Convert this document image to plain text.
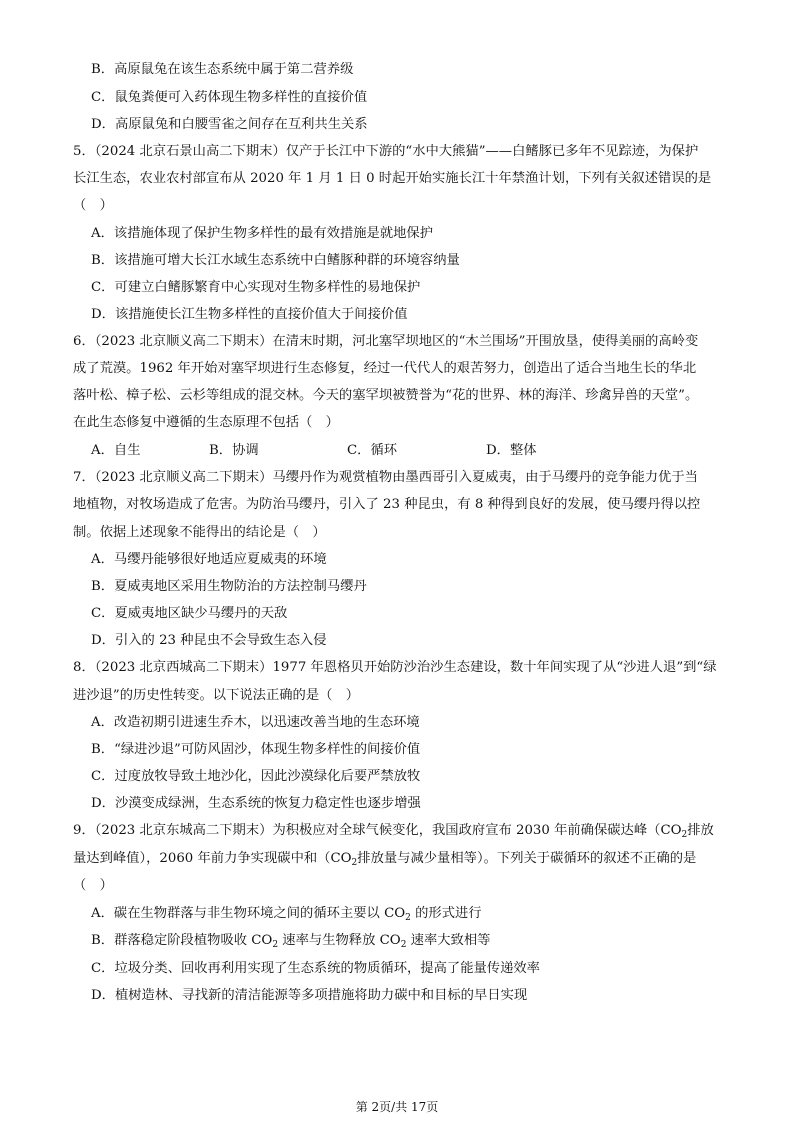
B．高原鼠兔在该生态系统中属于第二营养级
C．鼠兔粪便可入药体现生物多样性的直接价值
D．高原鼠兔和白腰雪雀之间存在互利共生关系
5．（2024 北京石景山高二下期末）仅产于长江中下游的“水中大熊猫”——白鳍豚已多年不见踪迹，为保护
长江生态，农业农村部宣布从 2020 年 1 月 1 日 0 时起开始实施长江十年禁渔计划，下列有关叙述错误的是
（　）
A．该措施体现了保护生物多样性的最有效措施是就地保护
B．该措施可增大长江水域生态系统中白鳍豚种群的环境容纳量
C．可建立白鳍豚繁育中心实现对生物多样性的易地保护
D．该措施使长江生物多样性的直接价值大于间接价值
6．（2023 北京顺义高二下期末）在清末时期，河北塞罕坝地区的“木兰围场”开围放垦，使得美丽的高岭变
成了荒漠。1962 年开始对塞罕坝进行生态修复，经过一代代人的艰苦努力，创造出了适合当地生长的华北
落叶松、樟子松、云杉等组成的混交林。今天的塞罕坝被赞誉为“花的世界、林的海洋、珍禽异兽的天堂”。
在此生态修复中遵循的生态原理不包括（　）
A．自生	B．协调	C．循环	D．整体
7．（2023 北京顺义高二下期末）马缨丹作为观赏植物由墨西哥引入夏威夷，由于马缨丹的竞争能力优于当
地植物，对牧场造成了危害。为防治马缨丹，引入了 23 种昆虫，有 8 种得到良好的发展，使马缨丹得以控
制。依据上述现象不能得出的结论是（　）
A．马缨丹能够很好地适应夏威夷的环境
B．夏威夷地区采用生物防治的方法控制马缨丹
C．夏威夷地区缺少马缨丹的天敌
D．引入的 23 种昆虫不会导致生态入侵
8．（2023 北京西城高二下期末）1977 年恩格贝开始防沙治沙生态建设，数十年间实现了从“沙进人退”到“绿
进沙退”的历史性转变。以下说法正确的是（　）
A．改造初期引进速生乔木，以迅速改善当地的生态环境
B．“绿进沙退”可防风固沙，体现生物多样性的间接价值
C．过度放牧导致土地沙化，因此沙漠绿化后要严禁放牧
D．沙漠变成绿洲，生态系统的恢复力稳定性也逐步增强
9．（2023 北京东城高二下期末）为积极应对全球气候变化，我国政府宣布 2030 年前确保碳达峰（$CO_2$排放
量达到峰值），2060 年前力争实现碳中和（$CO_2$排放量与减少量相等）。下列关于碳循环的叙述不正确的是
（　）
A．碳在生物群落与非生物环境之间的循环主要以 $CO_2$ 的形式进行
B．群落稳定阶段植物吸收 $CO_2$ 速率与生物释放 $CO_2$ 速率大致相等
C．垃圾分类、回收再利用实现了生态系统的物质循环，提高了能量传递效率
D．植树造林、寻找新的清洁能源等多项措施将助力碳中和目标的早日实现
第 2页/共 17页
